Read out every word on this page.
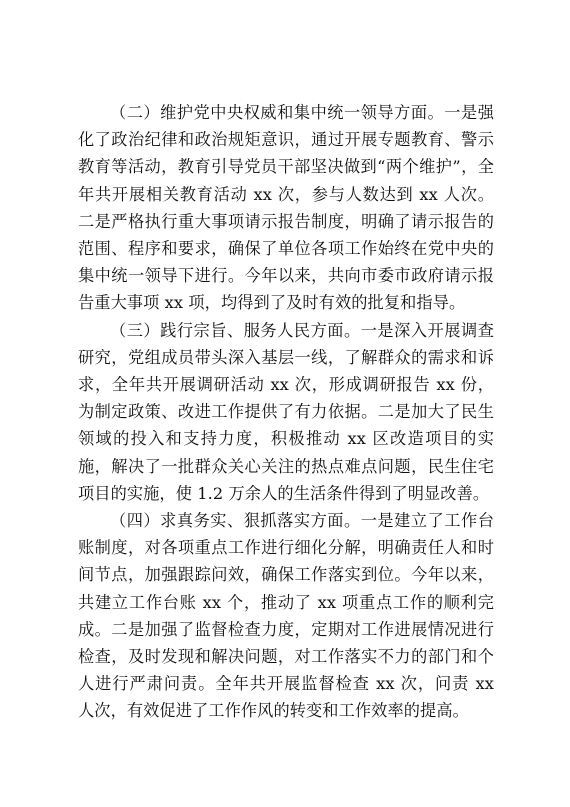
（二）维护党中央权威和集中统一领导方面。一是强化了政治纪律和政治规矩意识，通过开展专题教育、警示教育等活动，教育引导党员干部坚决做到“两个维护”，全年共开展相关教育活动 xx 次，参与人数达到 xx 人次。二是严格执行重大事项请示报告制度，明确了请示报告的范围、程序和要求，确保了单位各项工作始终在党中央的集中统一领导下进行。今年以来，共向市委市政府请示报告重大事项 xx 项，均得到了及时有效的批复和指导。

（三）践行宗旨、服务人民方面。一是深入开展调查研究，党组成员带头深入基层一线，了解群众的需求和诉求，全年共开展调研活动 xx 次，形成调研报告 xx 份，为制定政策、改进工作提供了有力依据。二是加大了民生领域的投入和支持力度，积极推动 xx 区改造项目的实施，解决了一批群众关心关注的热点难点问题，民生住宅项目的实施，使 1.2 万余人的生活条件得到了明显改善。

（四）求真务实、狠抓落实方面。一是建立了工作台账制度，对各项重点工作进行细化分解，明确责任人和时间节点，加强跟踪问效，确保工作落实到位。今年以来，共建立工作台账 xx 个，推动了 xx 项重点工作的顺利完成。二是加强了监督检查力度，定期对工作进展情况进行检查，及时发现和解决问题，对工作落实不力的部门和个人进行严肃问责。全年共开展监督检查 xx 次，问责 xx 人次，有效促进了工作作风的转变和工作效率的提高。
